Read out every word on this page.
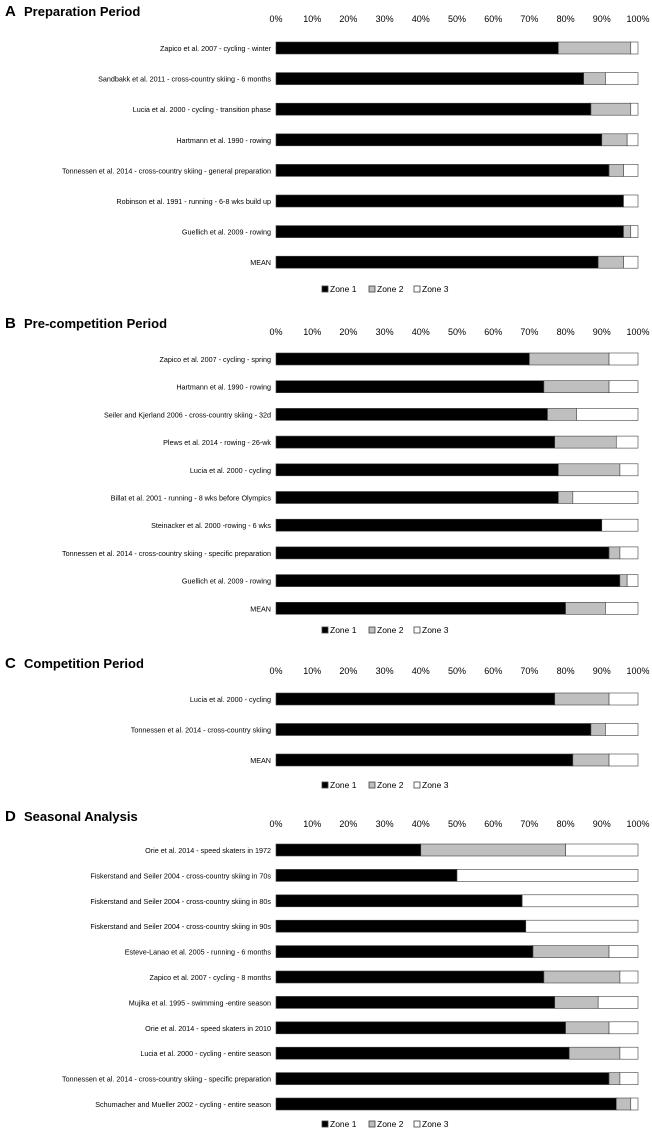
A Preparation Period	0% 10% 20% 30% 40% 50% 60% 70% 80% 90% 100%
Zapico et al. 2007 - cycling - winter
Sandbakk et al. 2011 - cross-country skiing - 6 months
Lucia et al. 2000 - cycling - transition phase
Hartmann et al. 1990 - rowing
Tonnessen et al. 2014 - cross-country skiing - general preparation
Robinson et al. 1991 - running - 6-8 wks build up
Guellich et al. 2009 - rowing
MEAN
Zone 1 Zone 2 Zone 3
B Pre-competition Period
0% 10% 20% 30% 40% 50% 60% 70% 80% 90% 100%
Zapico et al. 2007 - cycling - spring
Hartmann et al. 1990 - rowing
Seiler and Kjerland 2006 - cross-country skiing - 32d
Plews et al. 2014 - rowing - 26-wk
Lucia et al. 2000 - cycling
Billat et al. 2001 - running - 8 wks before Olympics
Steinacker et al. 2000 -rowing - 6 wks
Tonnessen et al. 2014 - cross-country skiing - specific preparation
Guellich et al. 2009 - rowing
MEAN
Zone 1 Zone 2 Zone 3
C Competition Period	0% 10% 20% 30% 40% 50% 60% 70% 80% 90% 100%
Lucia et al. 2000 - cycling
Tonnessen et al. 2014 - cross-country skiing
MEAN
Zone 1 Zone 2 Zone 3
D Seasonal Analysis	0% 10% 20% 30% 40% 50% 60% 70% 80% 90% 100%
Orie et al. 2014 - speed skaters in 1972
Fiskerstand and Seiler 2004 - cross-country skiing in 70s
Fiskerstand and Seiler 2004 - cross-country skiing in 80s
Fiskerstand and Seiler 2004 - cross-country skiing in 90s
Esteve-Lanao et al. 2005 - running - 6 months
Zapico et al. 2007 - cycling - 8 months
Mujika et al. 1995 - swimming -entire season
Orie et al. 2014 - speed skaters in 2010
Lucia et al. 2000 - cycling - entire season
Tonnessen et al. 2014 - cross-country skiing - specific preparation
Schumacher and Mueller 2002 - cycling - entire season
Zone 1 Zone 2 Zone 3
